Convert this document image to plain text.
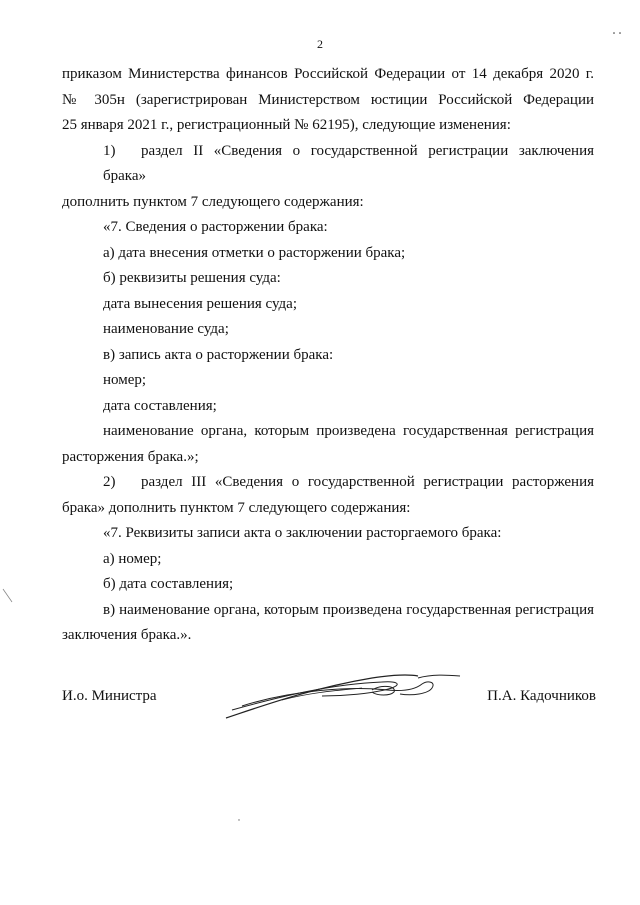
2
приказом Министерства финансов Российской Федерации от 14 декабря 2020 г.
№ 305н (зарегистрирован Министерством юстиции Российской Федерации
25 января 2021 г., регистрационный № 62195), следующие изменения:
1) раздел II «Сведения о государственной регистрации заключения брака»
дополнить пунктом 7 следующего содержания:
«7. Сведения о расторжении брака:
а) дата внесения отметки о расторжении брака;
б) реквизиты решения суда:
дата вынесения решения суда;
наименование суда;
в) запись акта о расторжении брака:
номер;
дата составления;
наименование органа, которым произведена государственная регистрация
расторжения брака.»;
2) раздел III «Сведения о государственной регистрации расторжения
брака» дополнить пунктом 7 следующего содержания:
«7. Реквизиты записи акта о заключении расторгаемого брака:
а) номер;
б) дата составления;
в) наименование органа, которым произведена государственная регистрация
заключения брака.».
И.о. Министра	П.А. Кадочников
